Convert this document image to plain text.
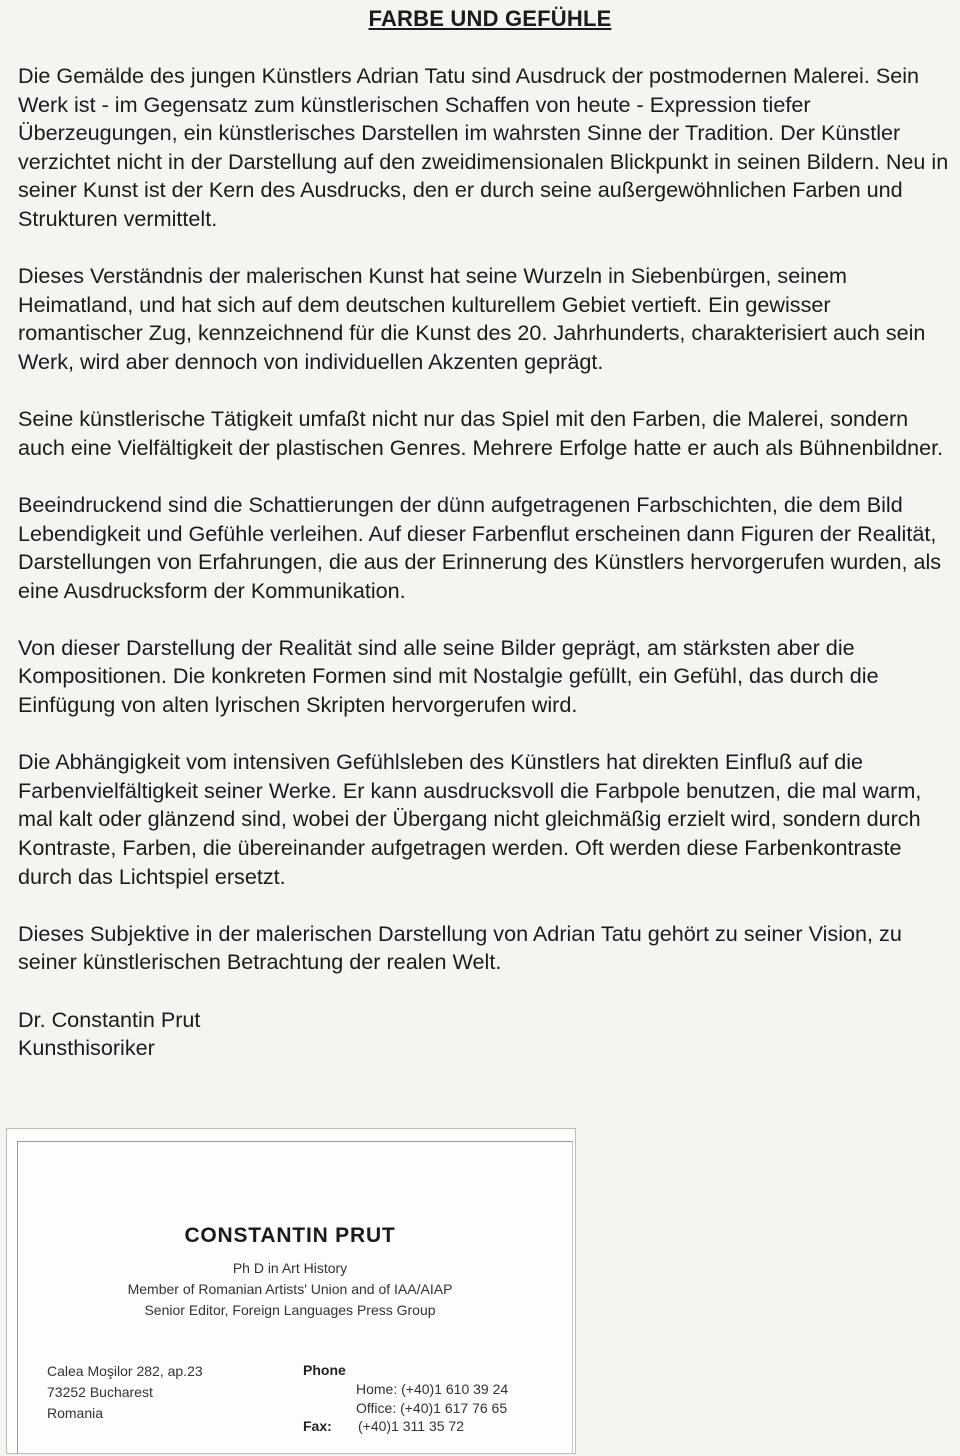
FARBE UND GEFÜHLE

Die Gemälde des jungen Künstlers Adrian Tatu sind Ausdruck der postmodernen Malerei. Sein Werk ist - im Gegensatz zum künstlerischen Schaffen von heute - Expression tiefer Überzeugungen, ein künstlerisches Darstellen im wahrsten Sinne der Tradition. Der Künstler verzichtet nicht in der Darstellung auf den zweidimensionalen Blickpunkt in seinen Bildern. Neu in seiner Kunst ist der Kern des Ausdrucks, den er durch seine außergewöhnlichen Farben und Strukturen vermittelt.

Dieses Verständnis der malerischen Kunst hat seine Wurzeln in Siebenbürgen, seinem Heimatland, und hat sich auf dem deutschen kulturellem Gebiet vertieft. Ein gewisser romantischer Zug, kennzeichnend für die Kunst des 20. Jahrhunderts, charakterisiert auch sein Werk, wird aber dennoch von individuellen Akzenten geprägt.

Seine künstlerische Tätigkeit umfaßt nicht nur das Spiel mit den Farben, die Malerei, sondern auch eine Vielfältigkeit der plastischen Genres. Mehrere Erfolge hatte er auch als Bühnenbildner.

Beeindruckend sind die Schattierungen der dünn aufgetragenen Farbschichten, die dem Bild Lebendigkeit und Gefühle verleihen. Auf dieser Farbenflut erscheinen dann Figuren der Realität, Darstellungen von Erfahrungen, die aus der Erinnerung des Künstlers hervorgerufen wurden, als eine Ausdrucksform der Kommunikation.

Von dieser Darstellung der Realität sind alle seine Bilder geprägt, am stärksten aber die Kompositionen. Die konkreten Formen sind mit Nostalgie gefüllt, ein Gefühl, das durch die Einfügung von alten lyrischen Skripten hervorgerufen wird.

Die Abhängigkeit vom intensiven Gefühlsleben des Künstlers hat direkten Einfluß auf die Farbenvielfältigkeit seiner Werke. Er kann ausdrucksvoll die Farbpole benutzen, die mal warm, mal kalt oder glänzend sind, wobei der Übergang nicht gleichmäßig erzielt wird, sondern durch Kontraste, Farben, die übereinander aufgetragen werden. Oft werden diese Farbenkontraste durch das Lichtspiel ersetzt.

Dieses Subjektive in der malerischen Darstellung von Adrian Tatu gehört zu seiner Vision, zu seiner künstlerischen Betrachtung der realen Welt.

Dr. Constantin Prut

Kunsthisoriker

CONSTANTIN PRUT
Ph D in Art History
Member of Romanian Artists' Union and of IAA/AIAP
Senior Editor, Foreign Languages Press Group
Calea Moşilor 282, ap.23
73252 Bucharest
Romania
Phone
Home: (+40)1 610 39 24
Office: (+40)1 617 76 65
Fax: (+40)1 311 35 72
